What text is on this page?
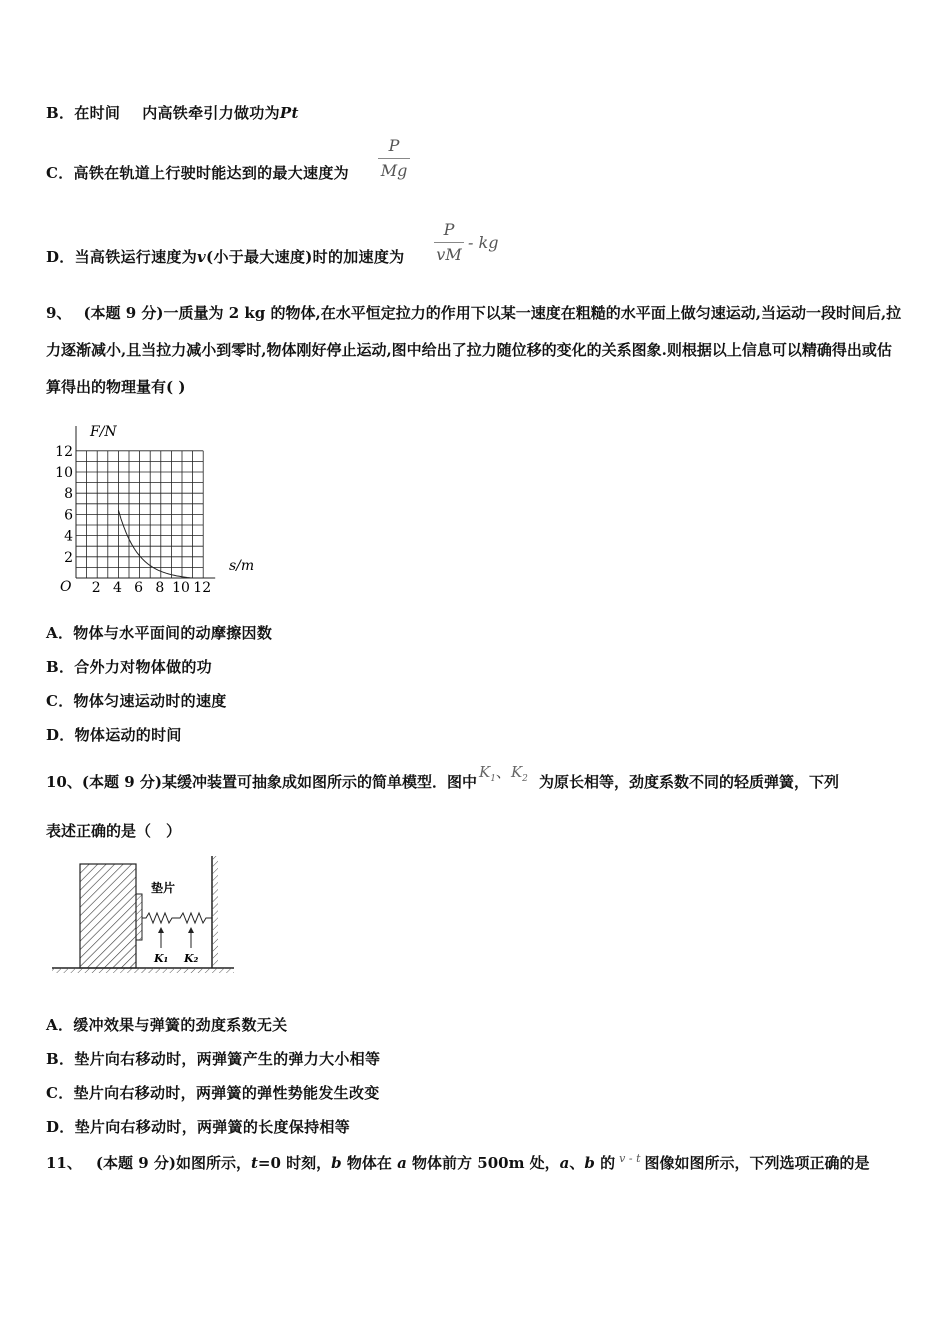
B．在时间 内高铁牵引力做功为Pt
C．高铁在轨道上行驶时能达到的最大速度为
P
Mg
D．当高铁运行速度为v(小于最大速度)时的加速度为
P
vM
- kg
9、 (本题 9 分)一质量为 2 kg 的物体,在水平恒定拉力的作用下以某一速度在粗糙的水平面上做匀速运动,当运动一段时间后,拉力逐渐减小,且当拉力减小到零时,物体刚好停止运动,图中给出了拉力随位移的变化的关系图象.则根据以上信息可以精确得出或估算得出的物理量有( )
F/N
s/m
O
12
10
8
6
4
2
2 4 6 8 10 12
A．物体与水平面间的动摩擦因数
B．合外力对物体做的功
C．物体匀速运动时的速度
D．物体运动的时间
10、(本题 9 分)某缓冲装置可抽象成如图所示的简单模型．图中
$K_1$、$K_2$ 为原长相等，劲度系数不同的轻质弹簧，下列
表述正确的是（　）
垫片
K₁ K₂
A．缓冲效果与弹簧的劲度系数无关
B．垫片向右移动时，两弹簧产生的弹力大小相等
C．垫片向右移动时，两弹簧的弹性势能发生改变
D．垫片向右移动时，两弹簧的长度保持相等
11、 (本题 9 分)如图所示，t=0 时刻，b 物体在 a 物体前方 500m 处，a、b 的 $^{v - t}$ 图像如图所示，下列选项正确的是
